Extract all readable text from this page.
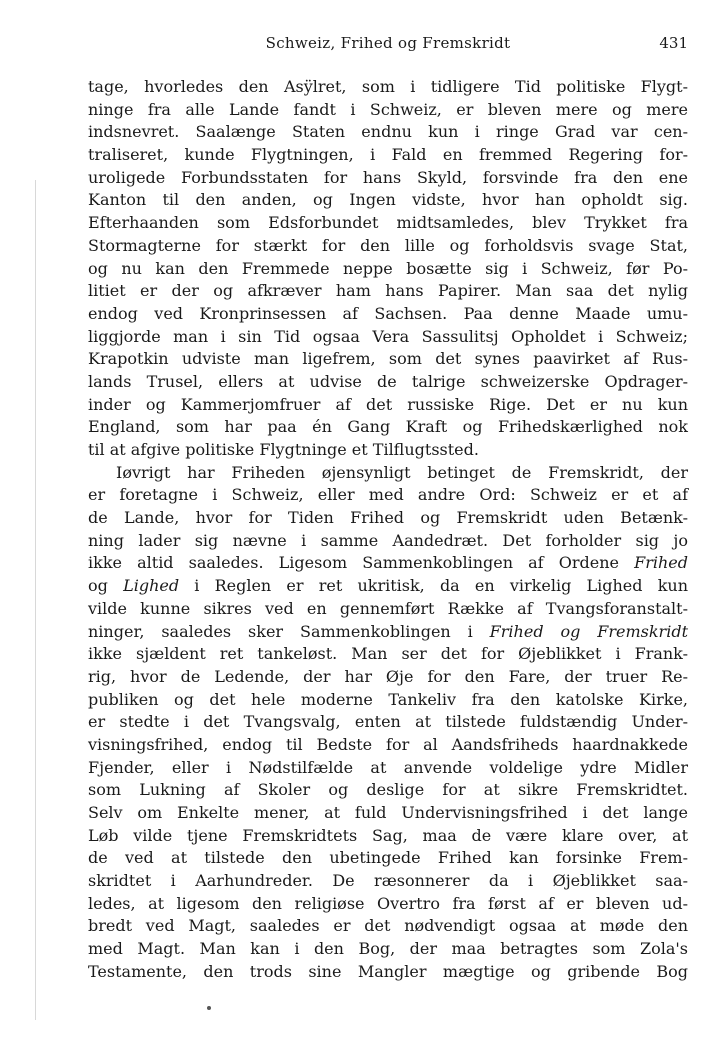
Schweiz, Frihed og Fremskridt	431
tage, hvorledes den Asÿlret, som i tidligere Tid politiske Flygt-
ninge fra alle Lande fandt i Schweiz, er bleven mere og mere
indsnevret. Saalænge Staten endnu kun i ringe Grad var cen-
traliseret, kunde Flygtningen, i Fald en fremmed Regering for-
uroligede Forbundsstaten for hans Skyld, forsvinde fra den ene
Kanton til den anden, og Ingen vidste, hvor han opholdt sig.
Efterhaanden som Edsforbundet midtsamledes, blev Trykket fra
Stormagterne for stærkt for den lille og forholdsvis svage Stat,
og nu kan den Fremmede neppe bosætte sig i Schweiz, før Po-
litiet er der og afkræver ham hans Papirer. Man saa det nylig
endog ved Kronprinsessen af Sachsen. Paa denne Maade umu-
liggjorde man i sin Tid ogsaa Vera Sassulitsj Opholdet i Schweiz;
Krapotkin udviste man ligefrem, som det synes paavirket af Rus-
lands Trusel, ellers at udvise de talrige schweizerske Opdrager-
inder og Kammerjomfruer af det russiske Rige. Det er nu kun
England, som har paa én Gang Kraft og Frihedskærlighed nok
til at afgive politiske Flygtninge et Tilflugtssted.
Iøvrigt har Friheden øjensynligt betinget de Fremskridt, der
er foretagne i Schweiz, eller med andre Ord: Schweiz er et af
de Lande, hvor for Tiden Frihed og Fremskridt uden Betænk-
ning lader sig nævne i samme Aandedræt. Det forholder sig jo
ikke altid saaledes. Ligesom Sammenkoblingen af Ordene Frihed
og Lighed i Reglen er ret ukritisk, da en virkelig Lighed kun
vilde kunne sikres ved en gennemført Række af Tvangsforanstalt-
ninger, saaledes sker Sammenkoblingen i Frihed og Fremskridt
ikke sjældent ret tankeløst. Man ser det for Øjeblikket i Frank-
rig, hvor de Ledende, der har Øje for den Fare, der truer Re-
publiken og det hele moderne Tankeliv fra den katolske Kirke,
er stedte i det Tvangsvalg, enten at tilstede fuldstændig Under-
visningsfrihed, endog til Bedste for al Aandsfriheds haardnakkede
Fjender, eller i Nødstilfælde at anvende voldelige ydre Midler
som Lukning af Skoler og deslige for at sikre Fremskridtet.
Selv om Enkelte mener, at fuld Undervisningsfrihed i det lange
Løb vilde tjene Fremskridtets Sag, maa de være klare over, at
de ved at tilstede den ubetingede Frihed kan forsinke Frem-
skridtet i Aarhundreder. De ræsonnerer da i Øjeblikket saa-
ledes, at ligesom den religiøse Overtro fra først af er bleven ud-
bredt ved Magt, saaledes er det nødvendigt ogsaa at møde den
med Magt. Man kan i den Bog, der maa betragtes som Zola's
Testamente, den trods sine Mangler mægtige og gribende Bog
